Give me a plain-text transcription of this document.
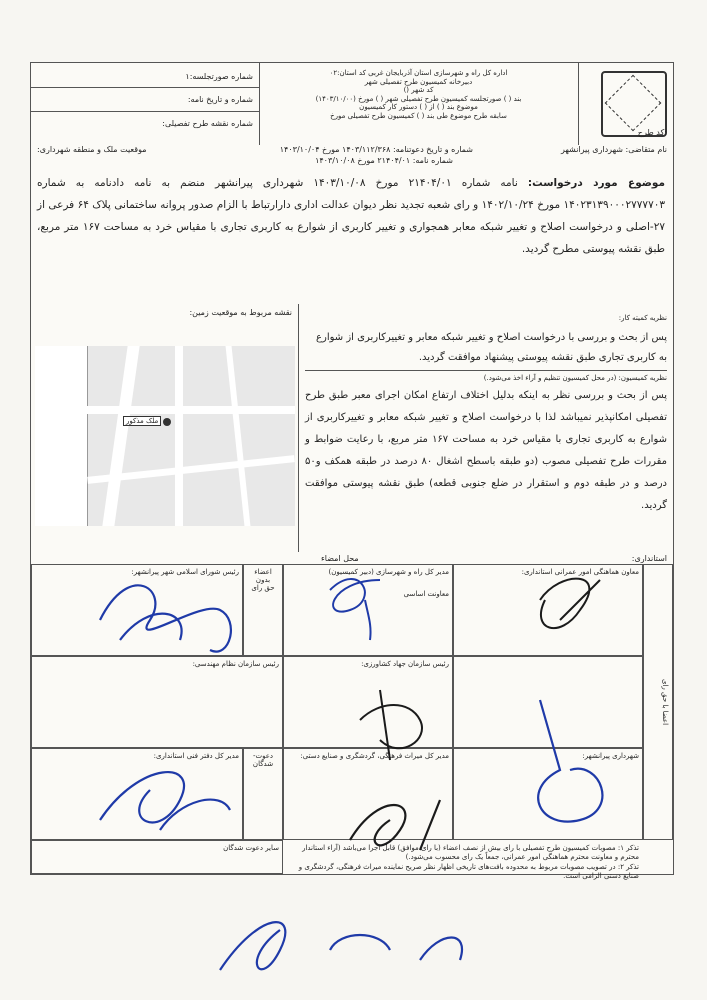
شماره صورتجلسه:۱
شماره و تاریخ نامه:
شماره نقشه طرح تفصیلی:
اداره کل راه و شهرسازی استان آذربایجان غربی کد استان:۰۲
دبیرخانه کمیسیون طرح تفصیلی شهر
کد شهر ()
بند ( ) صورتجلسه کمیسیون طرح تفصیلی شهر ( ) مورخ (۱۴۰۳/۱۰/۰۰)
موضوع بند ( ) از ( ) دستور کار کمیسیون
سابقه طرح موضوع طی بند ( ) کمیسیون طرح تفصیلی مورخ
کد طرح:
نام متقاضی: شهرداری پیرانشهر
شماره و تاریخ دعوتنامه: ۱۴۰۳/۱۱۲/۳۶۸ مورخ ۱۴۰۳/۱۰/۰۴
موقعیت ملک و منطقه شهرداری:
شماره نامه: ۲۱۴۰۴/۰۱ مورخ ۱۴۰۳/۱۰/۰۸
موضوع مورد درخواست: نامه شماره ۲۱۴۰۴/۰۱ مورخ ۱۴۰۳/۱۰/۰۸ شهرداری پیرانشهر منضم به نامه دادنامه به شماره ۱۴۰۲۳۱۳۹۰۰۰۲۷۷۷۷۰۳ مورخ ۱۴۰۲/۱۰/۲۴ و رای شعبه تجدید نظر دیوان عدالت اداری دارارتباط با الزام صدور پروانه ساختمانی پلاک ۶۴ فرعی از ۲۷-اصلی و درخواست اصلاح و تغییر شبکه معابر همجواری و تغییر کاربری از شوارع به کاربری تجاری با مقیاس خرد به مساحت ۱۶۷ متر مربع، طبق نقشه پیوستی مطرح گردید.
نقشه مربوط به موقعیت زمین:
ملک مذکور
نظریه کمیته کار:
پس از بحث و بررسی با درخواست اصلاح و تغییر شبکه معابر و تغییرکاربری از شوارع به کاربری تجاری طبق نقشه پیوستی پیشنهاد موافقت گردید.
نظریه کمیسیون: (در محل کمیسیون تنظیم و آراء اخذ می‌شود.)
پس از بحث و بررسی نظر به اینکه بدلیل اختلاف ارتفاع امکان اجرای معبر طبق طرح تفصیلی امکانپذیر نمیباشد لذا با درخواست اصلاح و تغییر شبکه معابر و تغییرکاربری از شوارع به کاربری تجاری با مقیاس خرد به مساحت ۱۶۷ متر مربع، با رعایت ضوابط و مقررات طرح تفصیلی مصوب (دو طبقه باسطح اشغال ۸۰ درصد در طبقه همکف و۵۰ درصد و در طبقه دوم و استقرار در ضلع جنوبی قطعه) طبق نقشه پیوستی موافقت گردید.
استانداری:
محل امضاء
معاون هماهنگی امور عمرانی استانداری:
مدیر کل راه و شهرسازی (دبیر کمیسیون)
معاونت اساسی
اعضاء
بدون
حق رای
رئیس شورای اسلامی شهر پیرانشهر:
رئیس سازمان جهاد کشاورزی:
رئیس سازمان نظام مهندسی:
شهرداری پیرانشهر:
مدیر کل میراث فرهنگی، گردشگری و صنایع دستی:
دعوت-
شدگان
مدیر کل دفتر فنی استانداری:
اعضا با حق رای
سایر دعوت شدگان	تذکر ۱: مصوبات کمیسیون طرح تفصیلی با رای بیش از نصف اعضاء (با رای موافق) قابل اجرا می‌باشد (آراء استاندار محترم و معاونت محترم هماهنگی امور عمرانی، جمعاً یک رای محسوب می‌شود.)
تذکر ۲: در تصویب مصوبات مربوط به محدوده بافت‌های تاریخی اظهار نظر صریح نماینده میراث فرهنگی، گردشگری و صنایع دستی الزامی است.
